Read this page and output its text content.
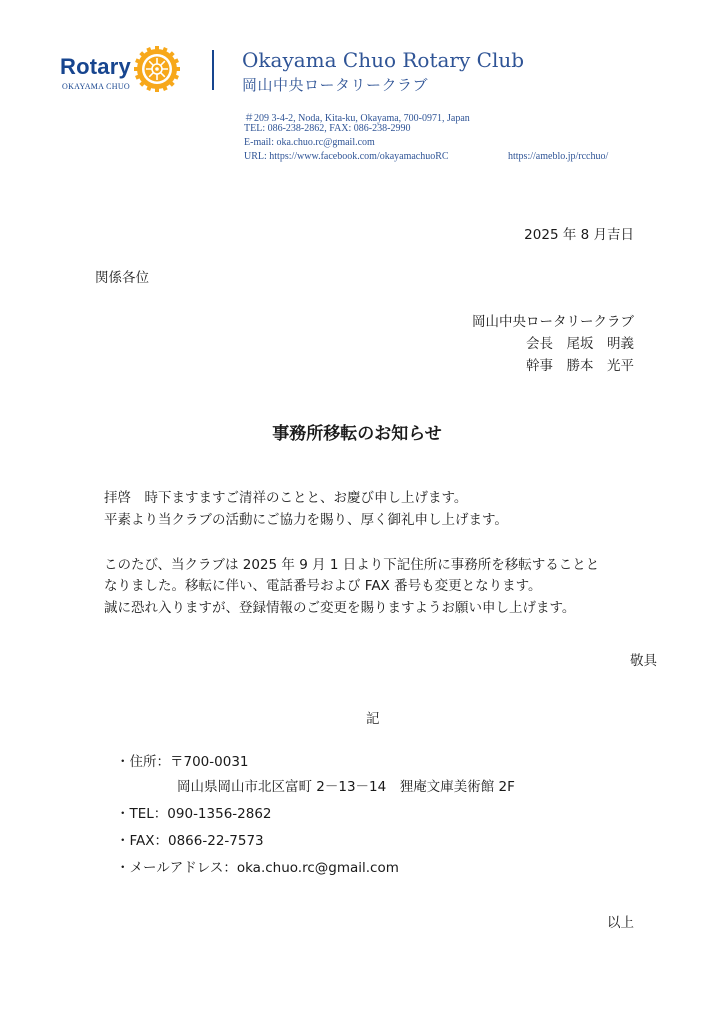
Rotary
OKAYAMA CHUO
Okayama Chuo Rotary Club
岡山中央ロータリークラブ
＃209 3-4-2, Noda, Kita-ku, Okayama, 700-0971, Japan
TEL: 086-238-2862, FAX: 086-238-2990
E-mail: oka.chuo.rc@gmail.com
URL: https://www.facebook.com/okayamachuoRC	https://ameblo.jp/rcchuo/
2025 年 8 月吉日
関係各位
岡山中央ロータリークラブ
会長　尾坂　明義
幹事　勝本　光平
事務所移転のお知らせ
拝啓　時下ますますご清祥のことと、お慶び申し上げます。
平素より当クラブの活動にご協力を賜り、厚く御礼申し上げます。
このたび、当クラブは 2025 年 9 月 1 日より下記住所に事務所を移転することと
なりました。移転に伴い、電話番号および FAX 番号も変更となります。
誠に恐れ入りますが、登録情報のご変更を賜りますようお願い申し上げます。
敬具
記
・住所：〒700-0031
岡山県岡山市北区富町 2－13－14　狸庵文庫美術館 2F
・TEL：090-1356-2862
・FAX：0866-22-7573
・メールアドレス：oka.chuo.rc@gmail.com
以上
